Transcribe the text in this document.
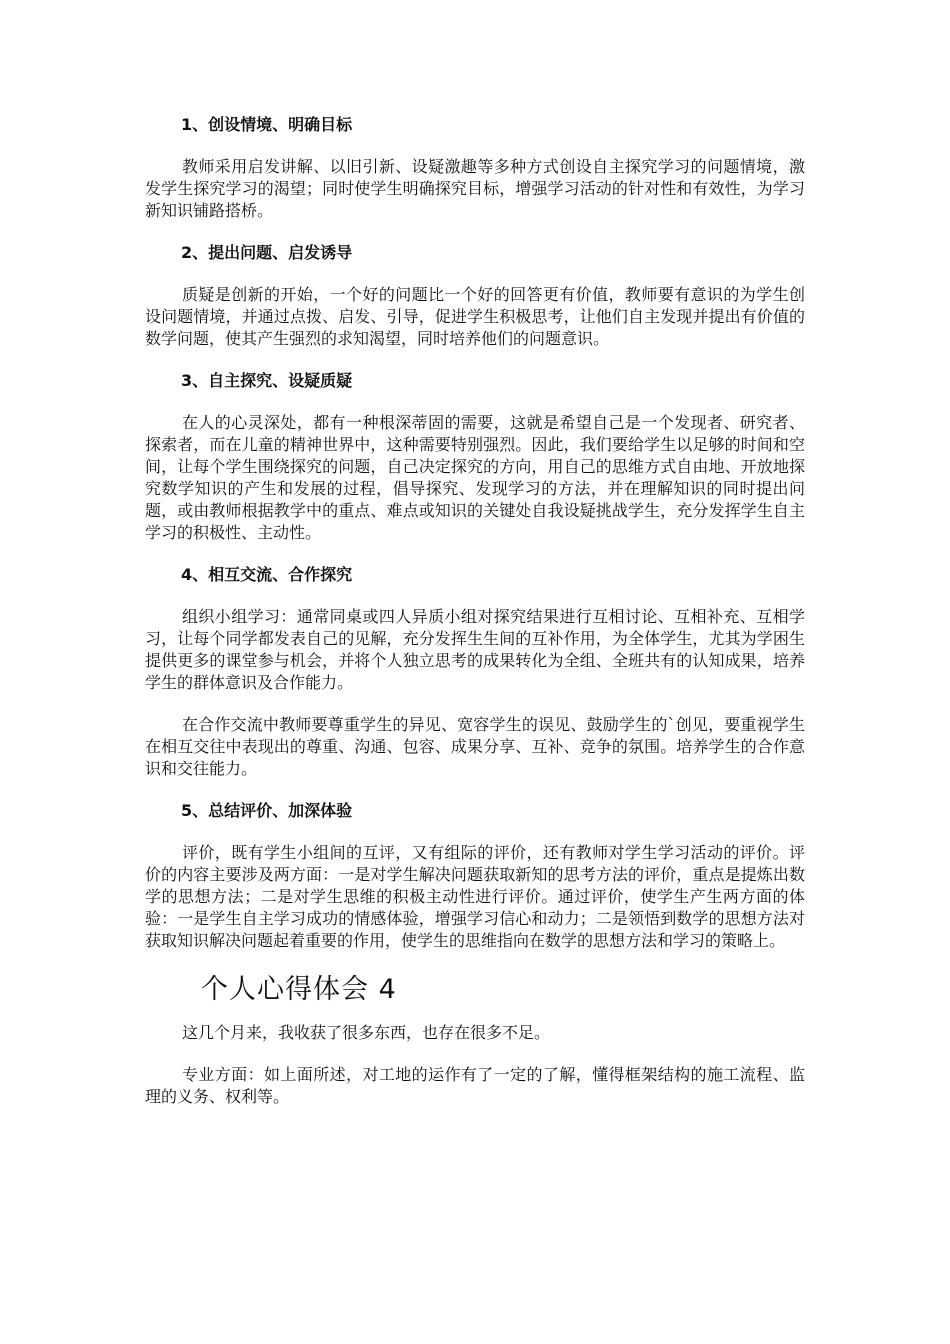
1、创设情境、明确目标

教师采用启发讲解、以旧引新、设疑激趣等多种方式创设自主探究学习的问题情境，激发学生探究学习的渴望；同时使学生明确探究目标，增强学习活动的针对性和有效性，为学习新知识铺路搭桥。

2、提出问题、启发诱导

质疑是创新的开始，一个好的问题比一个好的回答更有价值，教师要有意识的为学生创设问题情境，并通过点拨、启发、引导，促进学生积极思考，让他们自主发现并提出有价值的数学问题，使其产生强烈的求知渴望，同时培养他们的问题意识。

3、自主探究、设疑质疑

在人的心灵深处，都有一种根深蒂固的需要，这就是希望自己是一个发现者、研究者、探索者，而在儿童的精神世界中，这种需要特别强烈。因此，我们要给学生以足够的时间和空间，让每个学生围绕探究的问题，自己决定探究的方向，用自己的思维方式自由地、开放地探究数学知识的产生和发展的过程，倡导探究、发现学习的方法，并在理解知识的同时提出问题，或由教师根据教学中的重点、难点或知识的关键处自我设疑挑战学生，充分发挥学生自主学习的积极性、主动性。

4、相互交流、合作探究

组织小组学习：通常同桌或四人异质小组对探究结果进行互相讨论、互相补充、互相学习，让每个同学都发表自己的见解，充分发挥生生间的互补作用，为全体学生，尤其为学困生提供更多的课堂参与机会，并将个人独立思考的成果转化为全组、全班共有的认知成果，培养学生的群体意识及合作能力。

在合作交流中教师要尊重学生的异见、宽容学生的误见、鼓励学生的`创见，要重视学生在相互交往中表现出的尊重、沟通、包容、成果分享、互补、竞争的氛围。培养学生的合作意识和交往能力。

5、总结评价、加深体验

评价，既有学生小组间的互评，又有组际的评价，还有教师对学生学习活动的评价。评价的内容主要涉及两方面：一是对学生解决问题获取新知的思考方法的评价，重点是提炼出数学的思想方法；二是对学生思维的积极主动性进行评价。通过评价，使学生产生两方面的体验：一是学生自主学习成功的情感体验，增强学习信心和动力；二是领悟到数学的思想方法对获取知识解决问题起着重要的作用，使学生的思维指向在数学的思想方法和学习的策略上。

个人心得体会 4

这几个月来，我收获了很多东西，也存在很多不足。

专业方面：如上面所述，对工地的运作有了一定的了解，懂得框架结构的施工流程、监理的义务、权利等。
